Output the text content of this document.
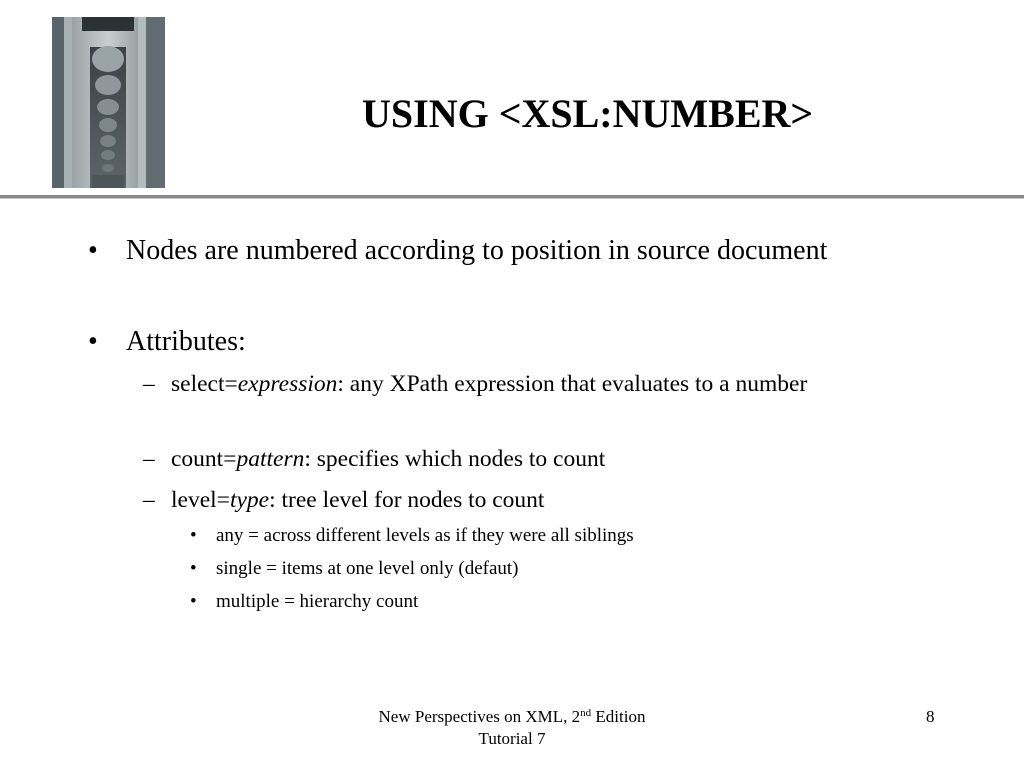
USING <XSL:NUMBER>
• Nodes are numbered according to position in source document
• Attributes:
– select=expression: any XPath expression that evaluates to a number
– count=pattern: specifies which nodes to count
– level=type: tree level for nodes to count
• any = across different levels as if they were all siblings
• single = items at one level only (defaut)
• multiple = hierarchy count
New Perspectives on XML, 2nd Edition
Tutorial 7
8
